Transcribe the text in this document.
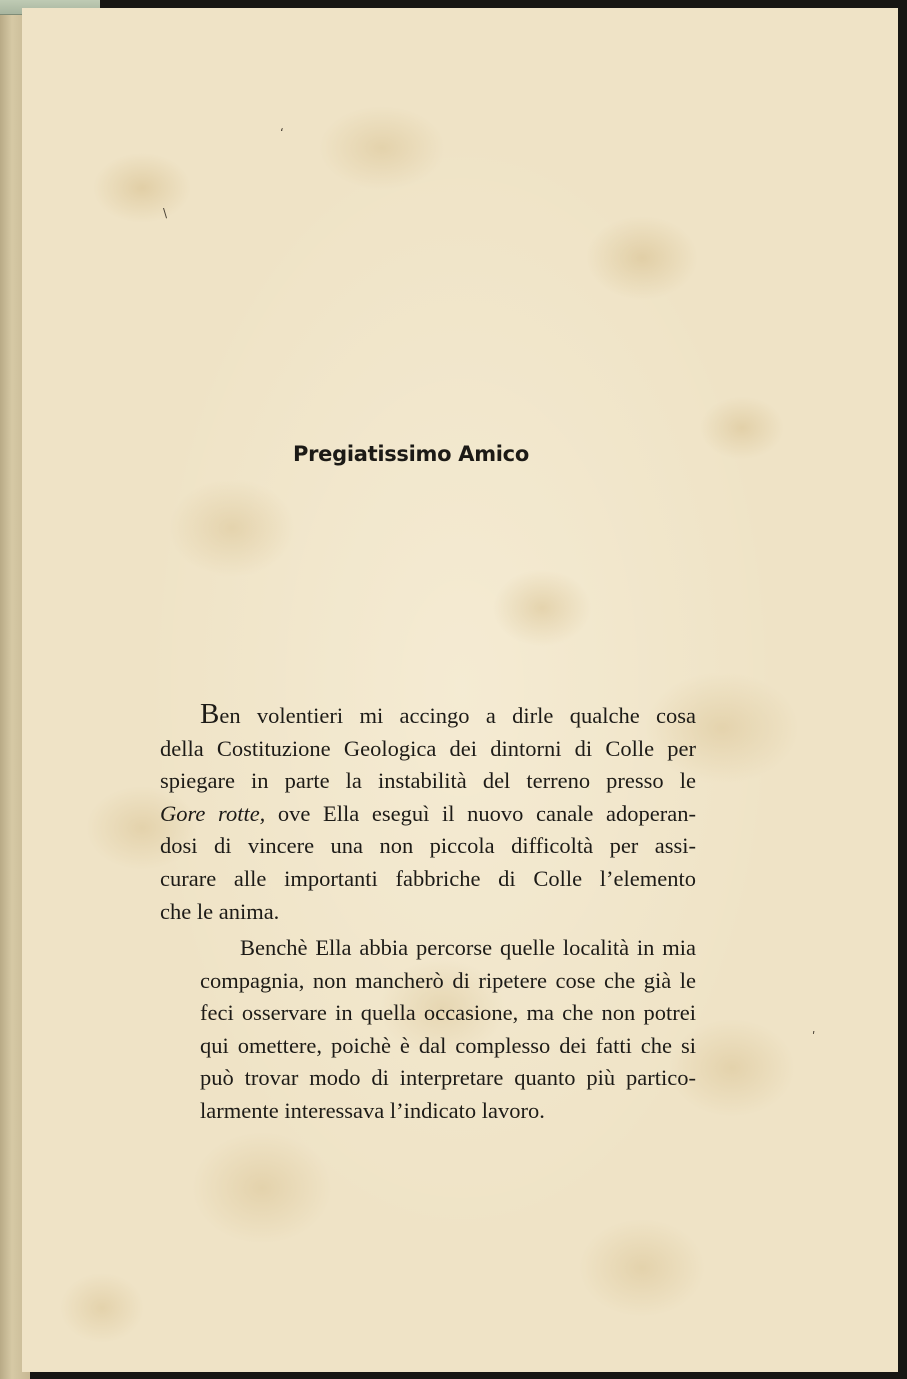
Pregiatissimo Amico

Ben volentieri mi accingo a dirle qualche cosa
della Costituzione Geologica dei dintorni di Colle per
spiegare in parte la instabilità del terreno presso le
Gore rotte, ove Ella eseguì il nuovo canale adoperan-
dosi di vincere una non piccola difficoltà per assi-
curare alle importanti fabbriche di Colle l’elemento
che le anima.

Benchè Ella abbia percorse quelle località in mia
compagnia, non mancherò di ripetere cose che già le
feci osservare in quella occasione, ma che non potrei
qui omettere, poichè è dal complesso dei fatti che si
può trovar modo di interpretare quanto più partico-
larmente interessava l’indicato lavoro.

ʻ
\
ʹ
